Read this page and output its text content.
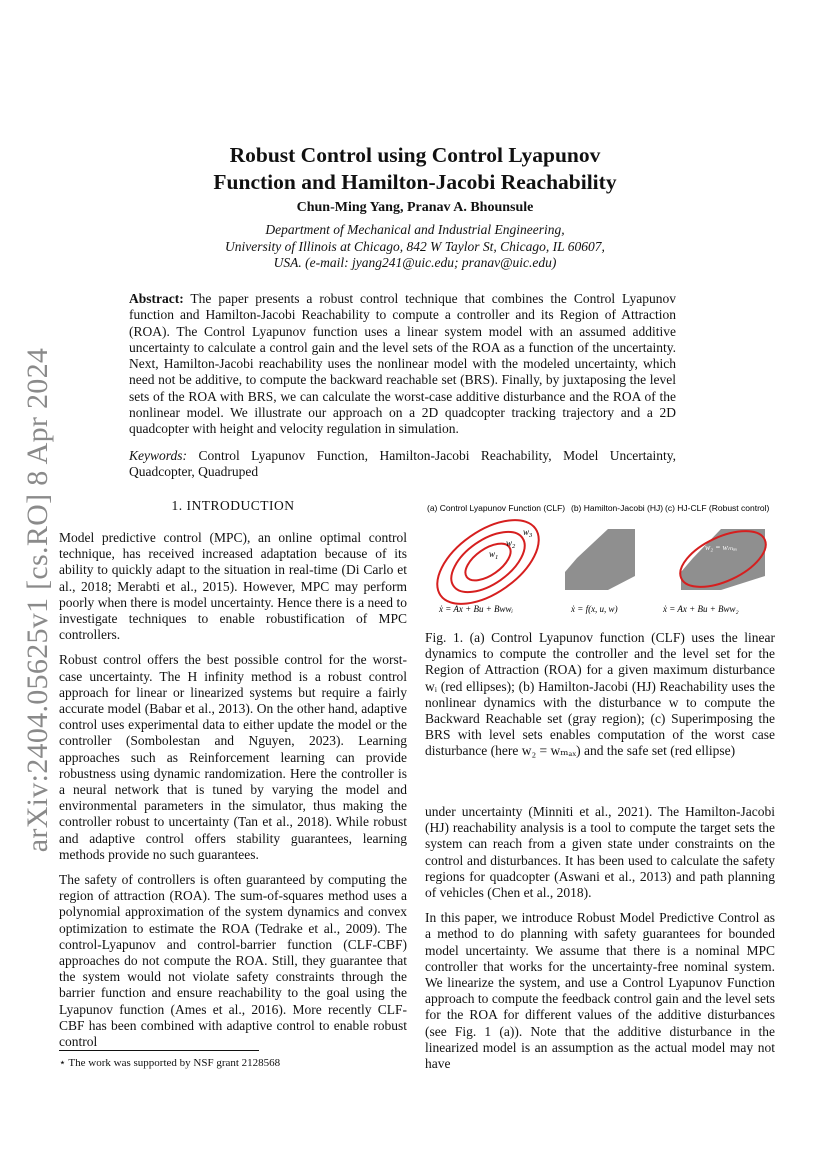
arXiv:2404.05625v1 [cs.RO] 8 Apr 2024
Robust Control using Control Lyapunov
Function and Hamilton-Jacobi Reachability
Chun-Ming Yang, Pranav A. Bhounsule
Department of Mechanical and Industrial Engineering,
University of Illinois at Chicago, 842 W Taylor St, Chicago, IL 60607,
USA. (e-mail: jyang241@uic.edu; pranav@uic.edu)
Abstract: The paper presents a robust control technique that combines the Control Lyapunov function and Hamilton-Jacobi Reachability to compute a controller and its Region of Attraction (ROA). The Control Lyapunov function uses a linear system model with an assumed additive uncertainty to calculate a control gain and the level sets of the ROA as a function of the uncertainty. Next, Hamilton-Jacobi reachability uses the nonlinear model with the modeled uncertainty, which need not be additive, to compute the backward reachable set (BRS). Finally, by juxtaposing the level sets of the ROA with BRS, we can calculate the worst-case additive disturbance and the ROA of the nonlinear model. We illustrate our approach on a 2D quadcopter tracking trajectory and a 2D quadcopter with height and velocity regulation in simulation.
Keywords: Control Lyapunov Function, Hamilton-Jacobi Reachability, Model Uncertainty, Quadcopter, Quadruped
1. INTRODUCTION

Model predictive control (MPC), an online optimal control technique, has received increased adaptation because of its ability to quickly adapt to the situation in real-time (Di Carlo et al., 2018; Merabti et al., 2015). However, MPC may perform poorly when there is model uncertainty. Hence there is a need to investigate techniques to enable robustification of MPC controllers.

Robust control offers the best possible control for the worst-case uncertainty. The H infinity method is a robust control approach for linear or linearized systems but require a fairly accurate model (Babar et al., 2013). On the other hand, adaptive control uses experimental data to either update the model or the controller (Sombolestan and Nguyen, 2023). Learning approaches such as Reinforcement learning can provide robustness using dynamic randomization. Here the controller is a neural network that is tuned by varying the model and environmental parameters in the simulator, thus making the controller robust to uncertainty (Tan et al., 2018). While robust and adaptive control offers stability guarantees, learning methods provide no such guarantees.

The safety of controllers is often guaranteed by computing the region of attraction (ROA). The sum-of-squares method uses a polynomial approximation of the system dynamics and convex optimization to estimate the ROA (Tedrake et al., 2009). The control-Lyapunov and control-barrier function (CLF-CBF) approaches do not compute the ROA. Still, they guarantee that the system would not violate safety constraints through the barrier function and ensure reachability to the goal using the Lyapunov function (Ames et al., 2016). More recently CLF-CBF has been combined with adaptive control to enable robust control

⋆ The work was supported by NSF grant 2128568
(a) Control Lyapunov Function (CLF) (b) Hamilton-Jacobi (HJ) (c) HJ-CLF (Robust control)
$w_3$
$w_2$
$w_1$
w₂ = wₘₐₓ
ẋ = Ax + Bu + Bwwᵢ	ẋ = f(x, u, w)	ẋ = Ax + Bu + Bww₂
Fig. 1. (a) Control Lyapunov function (CLF) uses the linear dynamics to compute the controller and the level set for the Region of Attraction (ROA) for a given maximum disturbance wᵢ (red ellipses); (b) Hamilton-Jacobi (HJ) Reachability uses the nonlinear dynamics with the disturbance w to compute the Backward Reachable set (gray region); (c) Superimposing the BRS with level sets enables computation of the worst case disturbance (here w₂ = wₘₐₓ) and the safe set (red ellipse)

under uncertainty (Minniti et al., 2021). The Hamilton-Jacobi (HJ) reachability analysis is a tool to compute the target sets the system can reach from a given state under constraints on the control and disturbances. It has been used to calculate the safety regions for quadcopter (Aswani et al., 2013) and path planning of vehicles (Chen et al., 2018).

In this paper, we introduce Robust Model Predictive Control as a method to do planning with safety guarantees for bounded model uncertainty. We assume that there is a nominal MPC controller that works for the uncertainty-free nominal system. We linearize the system, and use a Control Lyapunov Function approach to compute the feedback control gain and the level sets for the ROA for different values of the additive disturbances (see Fig. 1 (a)). Note that the additive disturbance in the linearized model is an assumption as the actual model may not have
